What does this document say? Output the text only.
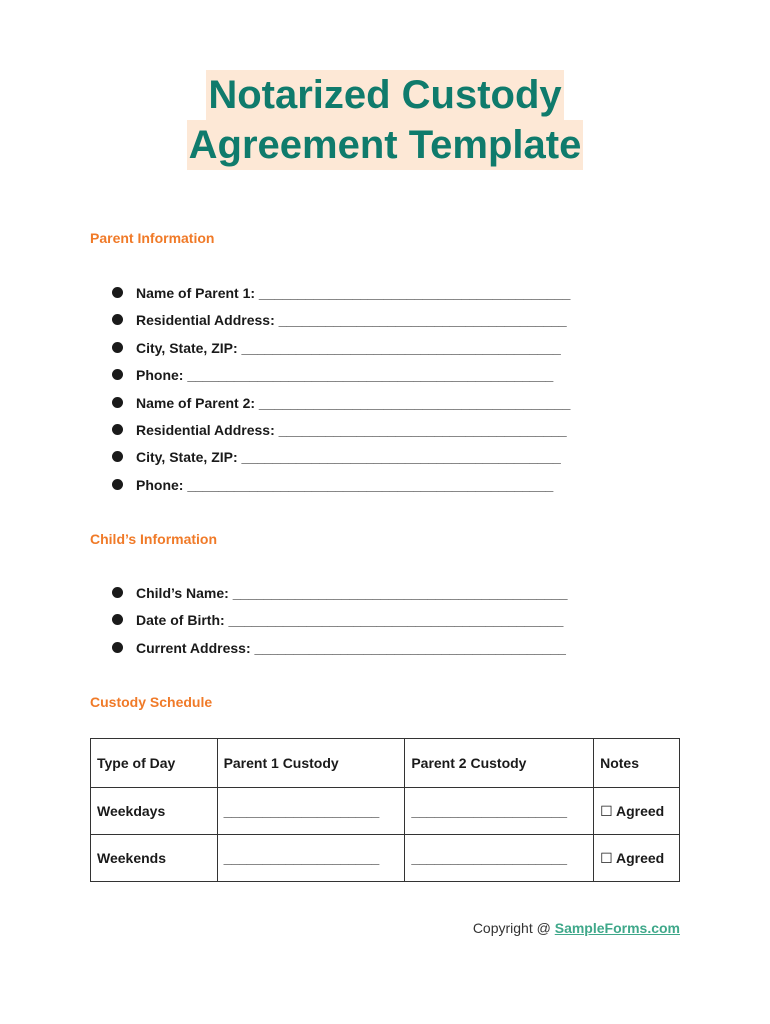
Notarized Custody
Agreement Template
Parent Information
Name of Parent 1: ________________________________________
Residential Address: _____________________________________
City, State, ZIP: _________________________________________
Phone: _______________________________________________
Name of Parent 2: ________________________________________
Residential Address: _____________________________________
City, State, ZIP: _________________________________________
Phone: _______________________________________________
Child’s Information
Child’s Name: ___________________________________________
Date of Birth: ___________________________________________
Current Address: ________________________________________
Custody Schedule
Type of Day	Parent 1 Custody	Parent 2 Custody	Notes
Weekdays	____________________	____________________	☐ Agreed
Weekends	____________________	____________________	☐ Agreed
Copyright @ SampleForms.com
